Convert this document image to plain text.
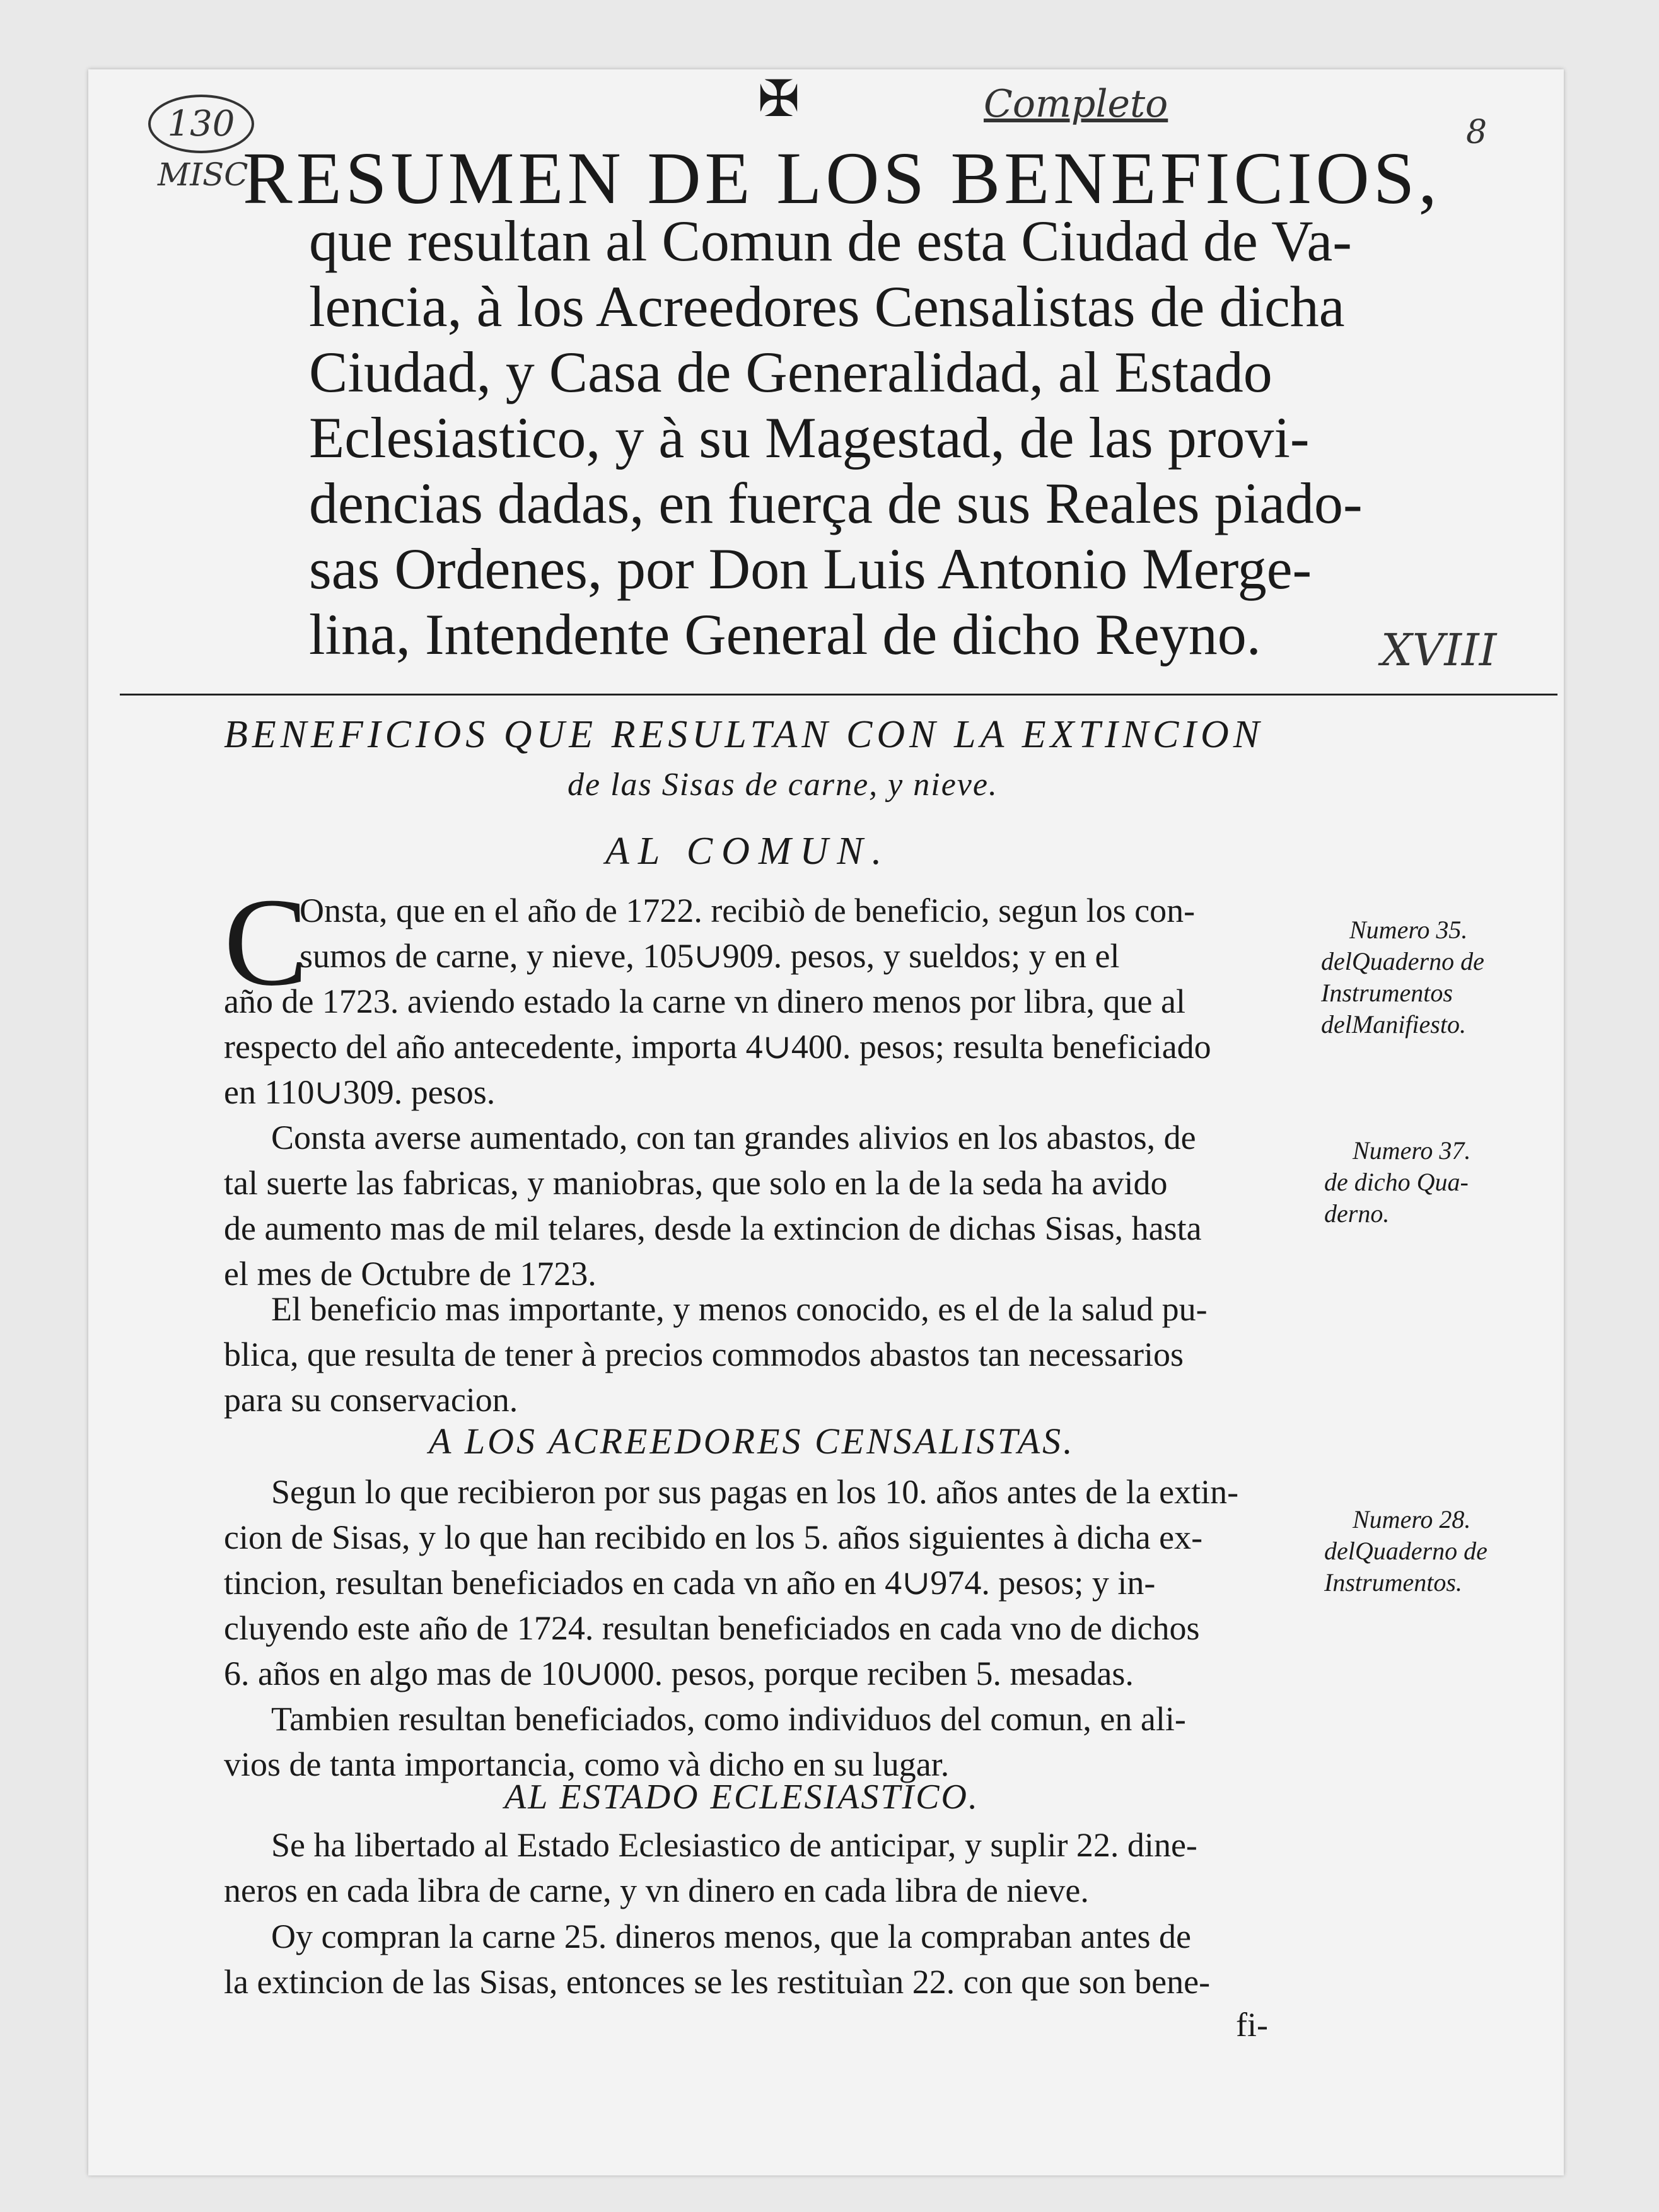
130
MISC
Completo
8
XVIII
✠
RESUMEN DE LOS BENEFICIOS,
que resultan al Comun de esta Ciudad de Va-
lencia, à los Acreedores Censalistas de dicha
Ciudad, y Casa de Generalidad, al Estado
Eclesiastico, y à su Magestad, de las provi-
dencias dadas, en fuerça de sus Reales piado-
sas Ordenes, por Don Luis Antonio Merge-
lina, Intendente General de dicho Reyno.
BENEFICIOS QUE RESULTAN CON LA EXTINCION
de las Sisas de carne, y nieve.
AL COMUN.
C
Onsta, que en el año de 1722. recibiò de beneficio, segun los con-
sumos de carne, y nieve, 105∪909. pesos, y sueldos; y en el
año de 1723. aviendo estado la carne vn dinero menos por libra, que al
respecto del año antecedente, importa 4∪400. pesos; resulta beneficiado
en 110∪309. pesos.
Consta averse aumentado, con tan grandes alivios en los abastos, de
tal suerte las fabricas, y maniobras, que solo en la de la seda ha avido
de aumento mas de mil telares, desde la extincion de dichas Sisas, hasta
el mes de Octubre de 1723.
El beneficio mas importante, y menos conocido, es el de la salud pu-
blica, que resulta de tener à precios commodos abastos tan necessarios
para su conservacion.
A LOS ACREEDORES CENSALISTAS.
Segun lo que recibieron por sus pagas en los 10. años antes de la extin-
cion de Sisas, y lo que han recibido en los 5. años siguientes à dicha ex-
tincion, resultan beneficiados en cada vn año en 4∪974. pesos; y in-
cluyendo este año de 1724. resultan beneficiados en cada vno de dichos
6. años en algo mas de 10∪000. pesos, porque reciben 5. mesadas.
Tambien resultan beneficiados, como individuos del comun, en ali-
vios de tanta importancia, como và dicho en su lugar.
AL ESTADO ECLESIASTICO.
Se ha libertado al Estado Eclesiastico de anticipar, y suplir 22. dine-
neros en cada libra de carne, y vn dinero en cada libra de nieve.
Oy compran la carne 25. dineros menos, que la compraban antes de
la extincion de las Sisas, entonces se les restituìan 22. con que son bene-
fi-
Numero 35.
delQuaderno de
Instrumentos
delManifiesto.
Numero 37.
de dicho Qua-
derno.
Numero 28.
delQuaderno de
Instrumentos.
